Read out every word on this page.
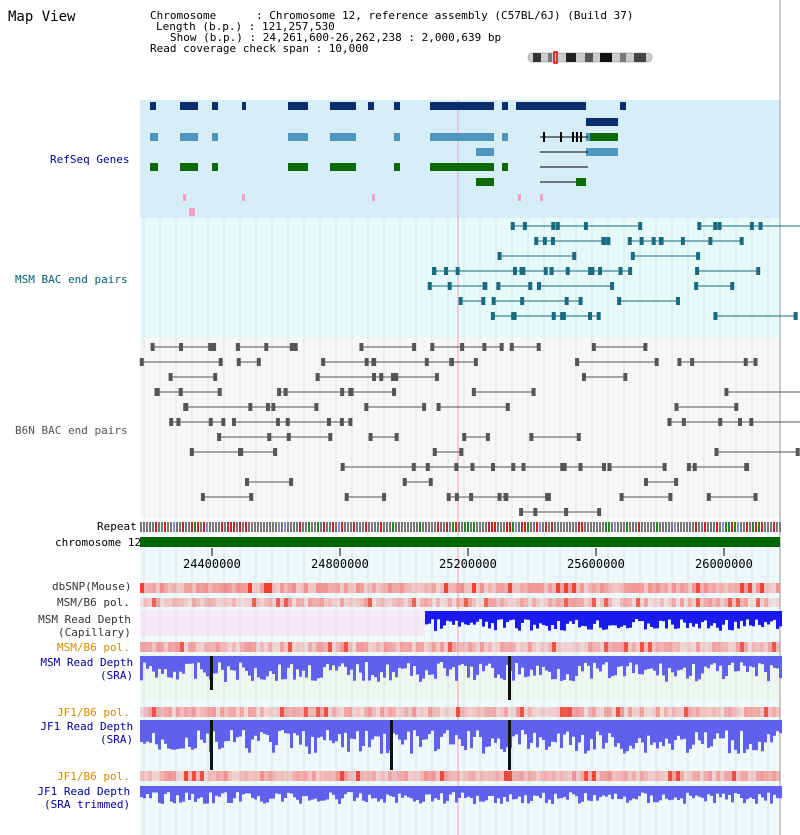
Map View	Chromosome      : Chromosome 12, reference assembly (C57BL/6J) (Build 37)
Length (b.p.) : 121,257,530
Show (b.p.) : 24,261,600-26,262,238 : 2,000,639 bp
Read coverage check span : 10,000
RefSeq Genes
MSM BAC end pairs
B6N BAC end pairs
Repeat
chromosome 12
dbSNP(Mouse)
MSM/B6 pol.
MSM Read Depth
(Capillary)
MSM/B6 pol.
MSM Read Depth
(SRA)
JF1/B6 pol.
JF1 Read Depth
(SRA)
JF1/B6 pol.
JF1 Read Depth
(SRA trimmed)
24400000	24800000	25200000	25600000	26000000
